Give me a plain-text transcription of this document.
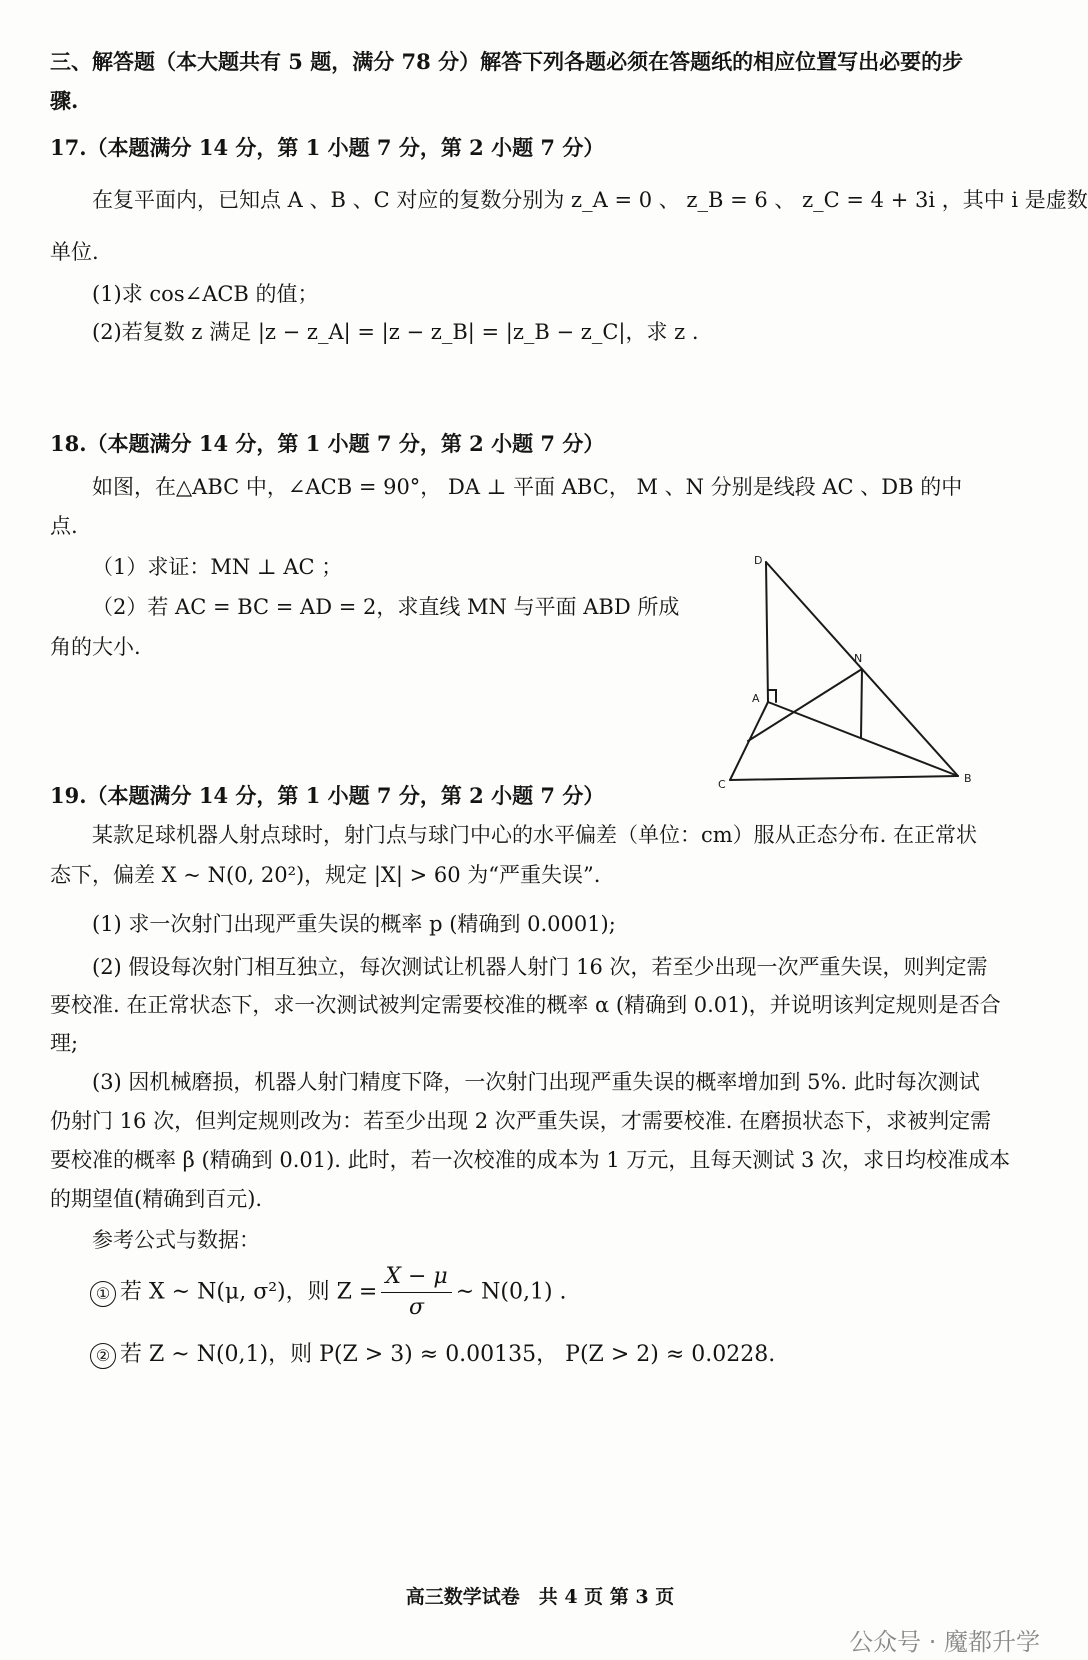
三、解答题（本大题共有 5 题，满分 78 分）解答下列各题必须在答题纸的相应位置写出必要的步
骤.
17.（本题满分 14 分，第 1 小题 7 分，第 2 小题 7 分）
在复平面内，已知点 A 、B 、C 对应的复数分别为 z_A = 0 、 z_B = 6 、 z_C = 4 + 3i ，其中 i 是虚数
单位.
(1)求 cos∠ACB 的值；
(2)若复数 z 满足 |z − z_A| = |z − z_B| = |z_B − z_C|，求 z .
18.（本题满分 14 分，第 1 小题 7 分，第 2 小题 7 分）
如图，在△ABC 中，∠ACB = 90°， DA ⊥ 平面 ABC， M 、N 分别是线段 AC 、DB 的中
点.
（1）求证：MN ⊥ AC ；
（2）若 AC = BC = AD = 2，求直线 MN 与平面 ABD 所成
角的大小.
D
A
N
C	B
19.（本题满分 14 分，第 1 小题 7 分，第 2 小题 7 分）
某款足球机器人射点球时，射门点与球门中心的水平偏差（单位：cm）服从正态分布. 在正常状
态下，偏差 X ~ N(0, 20²)，规定 |X| > 60 为“严重失误”.
(1) 求一次射门出现严重失误的概率 p (精确到 0.0001);
(2) 假设每次射门相互独立，每次测试让机器人射门 16 次，若至少出现一次严重失误，则判定需
要校准. 在正常状态下，求一次测试被判定需要校准的概率 α (精确到 0.01)，并说明该判定规则是否合
理;
(3) 因机械磨损，机器人射门精度下降，一次射门出现严重失误的概率增加到 5%. 此时每次测试
仍射门 16 次，但判定规则改为：若至少出现 2 次严重失误，才需要校准. 在磨损状态下，求被判定需
要校准的概率 β (精确到 0.01). 此时，若一次校准的成本为 1 万元，且每天测试 3 次，求日均校准成本
的期望值(精确到百元).
参考公式与数据：
① 若 X ~ N(μ, σ²)，则 $Z = \frac{X - \mu}{\sigma}$ ~ N(0,1) .
② 若 Z ~ N(0,1)，则 P(Z > 3) ≈ 0.00135， P(Z > 2) ≈ 0.0228.
高三数学试卷　共 4 页 第 3 页
公众号 · 魔都升学
